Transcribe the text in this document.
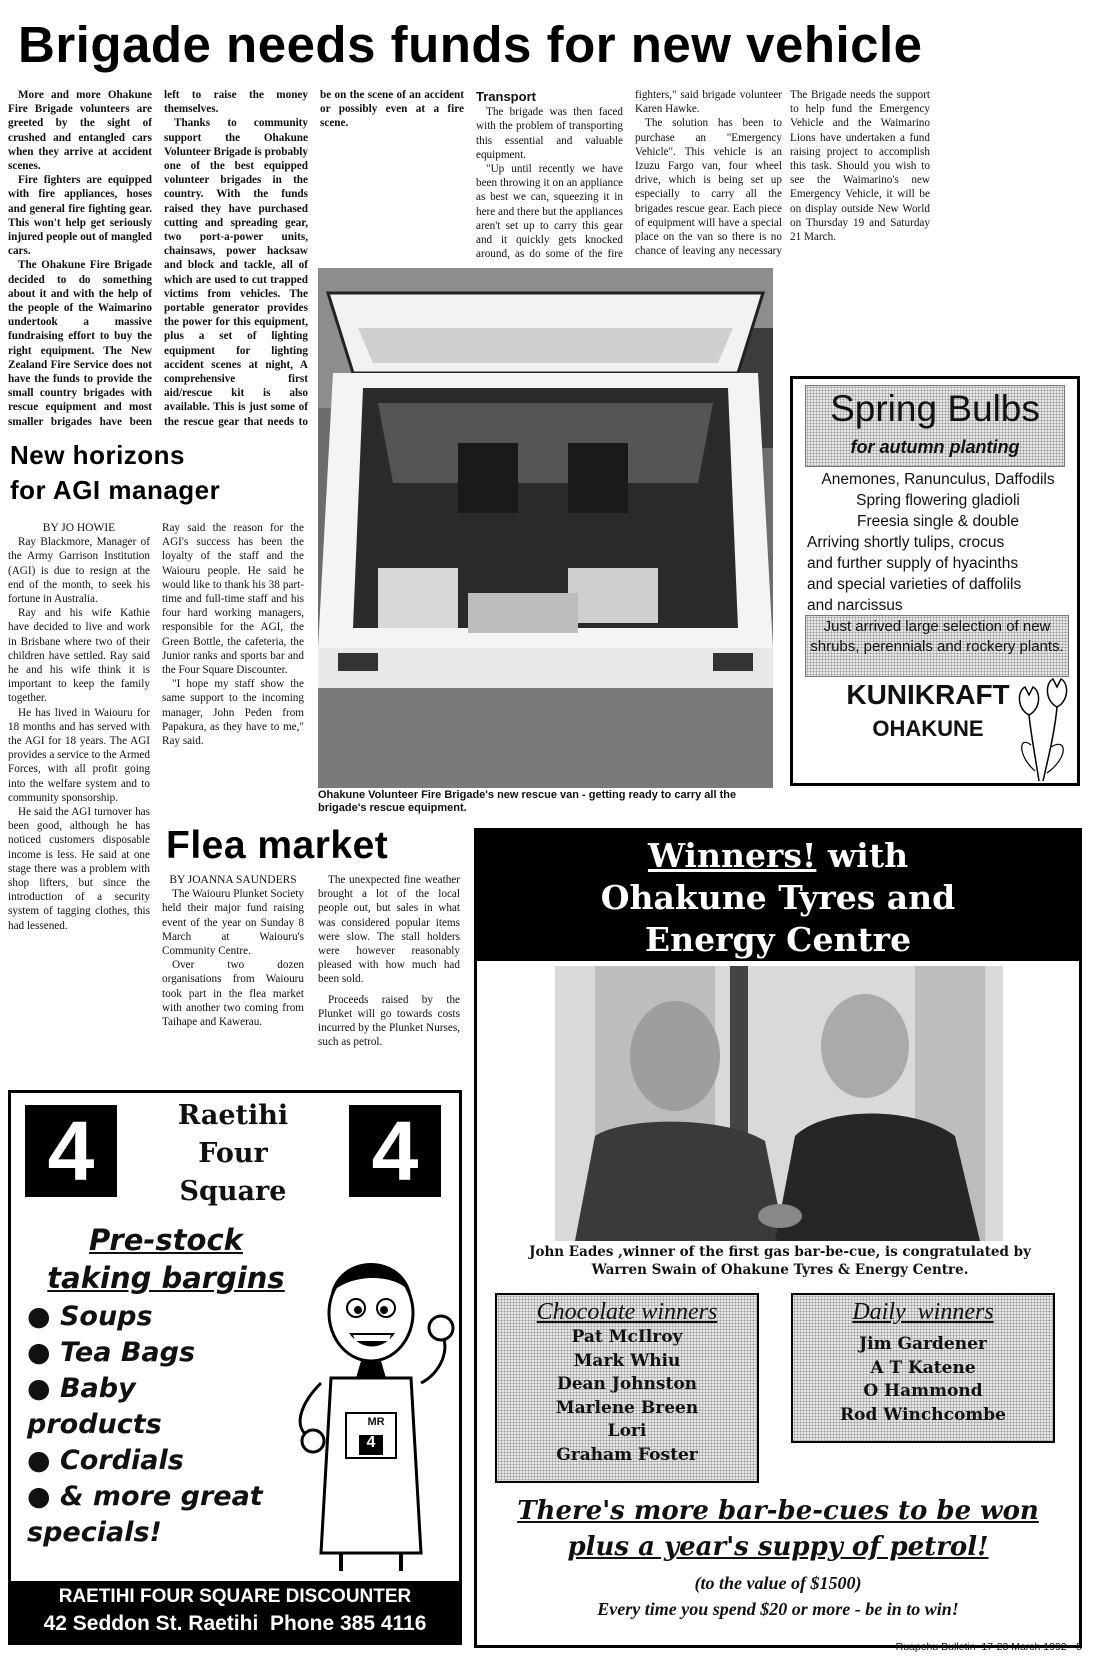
Brigade needs funds for new vehicle

More and more Ohakune Fire Brigade volunteers are greeted by the sight of crushed and entangled cars when they arrive at accident scenes.

Fire fighters are equipped with fire appliances, hoses and general fire fighting gear. This won't help get seriously injured people out of mangled cars.

The Ohakune Fire Brigade decided to do something about it and with the help of the people of the Waimarino undertook a massive fundraising effort to buy the right equipment. The New Zealand Fire Service does not have the funds to provide the small country brigades with rescue equipment and most smaller brigades have been left to raise the money themselves.

Thanks to community support the Ohakune Volunteer Brigade is probably one of the best equipped volunteer brigades in the country. With the funds raised they have purchased cutting and spreading gear, two port-a-power units, chainsaws, power hacksaw and block and tackle, all of which are used to cut trapped victims from vehicles. The portable generator provides the power for this equipment, plus a set of lighting equipment for lighting accident scenes at night, A comprehensive first aid/rescue kit is also available. This is just some of the rescue gear that needs to be on the scene of an accident or possibly even at a fire scene.

Transport

The brigade was then faced with the problem of transporting this essential and valuable equipment.

"Up until recently we have been throwing it on an appliance as best we can, squeezing it in here and there but the appliances aren't set up to carry this gear and it quickly gets knocked around, as do some of the fire fighters," said brigade volunteer Karen Hawke.

The solution has been to purchase an "Emergency Vehicle". This vehicle is an Izuzu Fargo van, four wheel drive, which is being set up especially to carry all the brigades rescue gear. Each piece of equipment will have a special place on the van so there is no chance of leaving any necessary

The Brigade needs the support to help fund the Emergency Vehicle and the Waimarino Lions have undertaken a fund raising project to accomplish this task. Should you wish to see the Waimarino's new Emergency Vehicle, it will be on display outside New World on Thursday 19 and Saturday 21 March.

Ohakune Volunteer Fire Brigade's new rescue van - getting ready to carry all the brigade's rescue equipment.
New horizons
for AGI manager

BY JO HOWIE

Ray Blackmore, Manager of the Army Garrison Institution (AGI) is due to resign at the end of the month, to seek his fortune in Australia.

Ray and his wife Kathie have decided to live and work in Brisbane where two of their children have settled. Ray said he and his wife think it is important to keep the family together.

He has lived in Waiouru for 18 months and has served with the AGI for 18 years. The AGI provides a service to the Armed Forces, with all profit going into the welfare system and to community sponsorship.

He said the AGI turnover has been good, although he has noticed customers disposable income is less. He said at one stage there was a problem with shop lifters, but since the introduction of a security system of tagging clothes, this had lessened.

Ray said the reason for the AGI's success has been the loyalty of the staff and the Waiouru people. He said he would like to thank his 38 part-time and full-time staff and his four hard working managers, responsible for the AGI, the Green Bottle, the cafeteria, the Junior ranks and sports bar and the Four Square Discounter.

"I hope my staff show the same support to the incoming manager, John Peden from Papakura, as they have to me," Ray said.

Flea market

BY JOANNA SAUNDERS

The Waiouru Plunket Society held their major fund raising event of the year on Sunday 8 March at Waiouru's Community Centre.

Over two dozen organisations from Waiouru took part in the flea market with another two coming from Taihape and Kawerau.

The unexpected fine weather brought a lot of the local people out, but sales in what was considered popular items were slow. The stall holders were however reasonably pleased with how much had been sold.

Proceeds raised by the Plunket will go towards costs incurred by the Plunket Nurses, such as petrol.

Spring Bulbs
for autumn planting
Anemones, Ranunculus, Daffodils
Spring flowering gladioli
Freesia single & double
Arriving shortly tulips, crocus
and further supply of hyacinths
and special varieties of daffolils
and narcissus
Just arrived large selection of new shrubs, perennials and rockery plants.
KUNIKRAFT
OHAKUNE
Winners! with
Ohakune Tyres and
Energy Centre
John Eades ,winner of the first gas bar-be-cue, is congratulated by
Warren Swain of Ohakune Tyres & Energy Centre.
Chocolate winners
Pat McIlroy
Mark Whiu
Dean Johnston
Marlene Breen
Lori
Graham Foster
Daily  winners
Jim Gardener
A T Katene
O Hammond
Rod Winchcombe
There's more bar-be-cues to be won
plus a year's suppy of petrol!
(to the value of $1500)
Every time you spend $20 or more - be in to win!
4	4
Raetihi
Four
Square
Pre-stock
taking bargins
● Soups
● Tea Bags
● Baby
products
● Cordials
● & more great
specials!
MR
4
RAETIHI FOUR SQUARE DISCOUNTER
42 Seddon St. Raetihi  Phone 385 4116
Ruapehu Bulletin  17-23 March 1992 • 5
